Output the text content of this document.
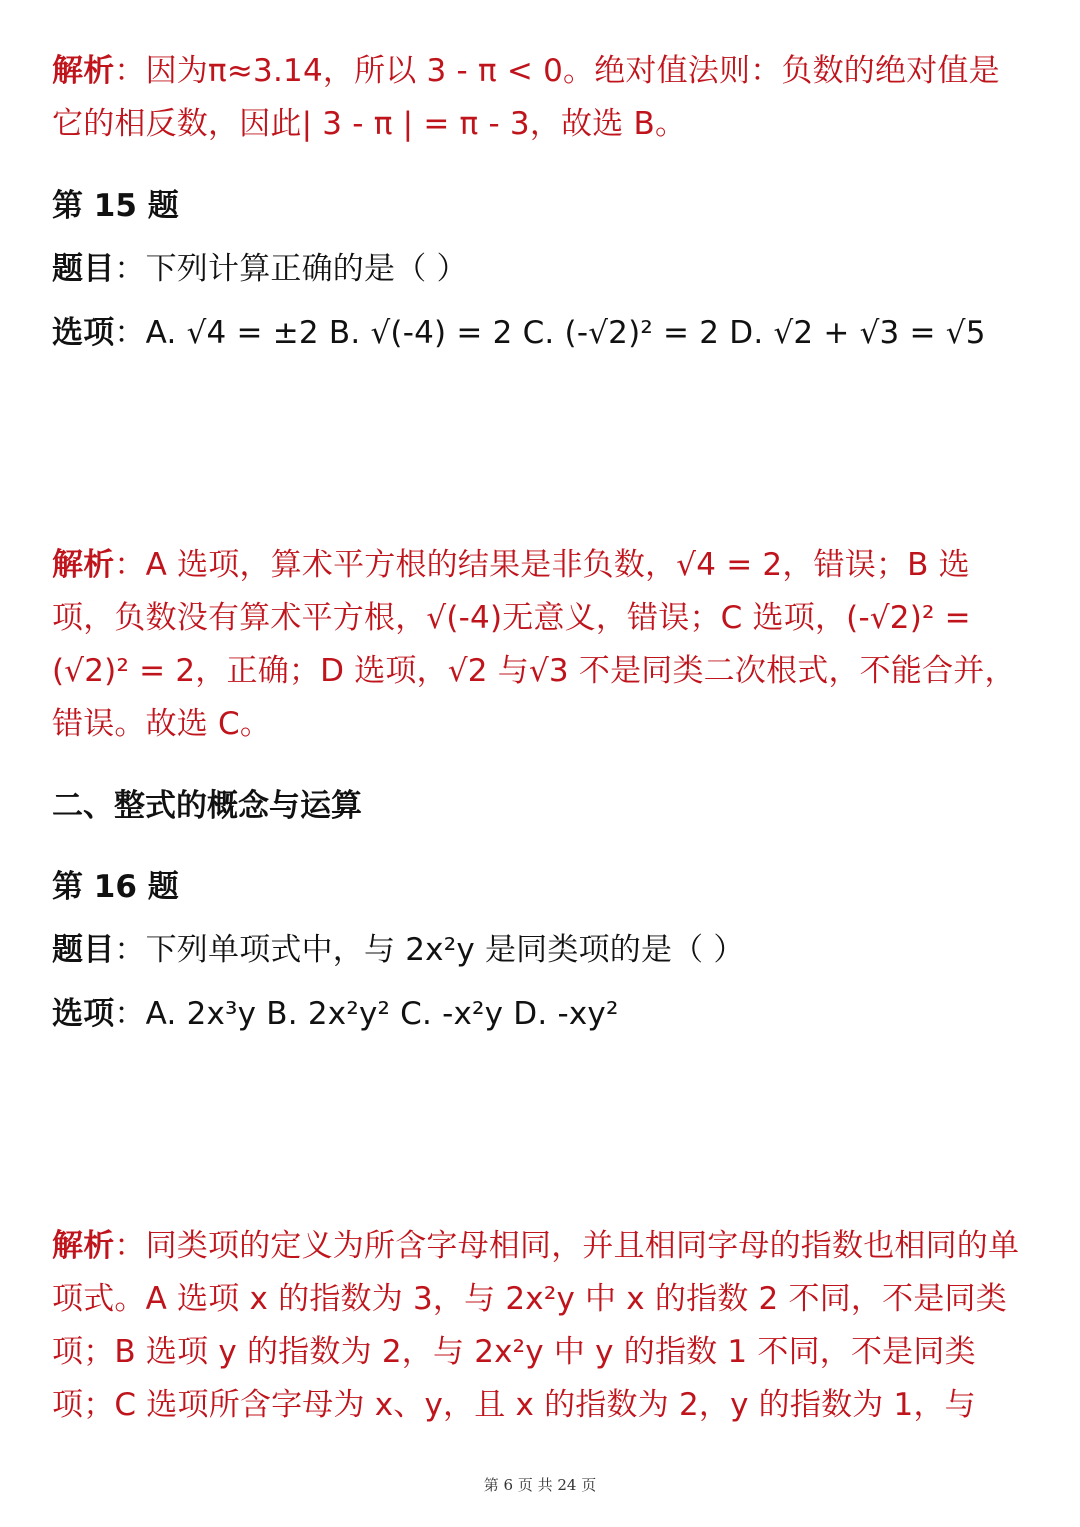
解析：因为π≈3.14，所以 3 - π < 0。绝对值法则：负数的绝对值是它的相反数，因此| 3 - π | = π - 3，故选 B。
第 15 题
题目：下列计算正确的是（ ）
选项：A. √4 = ±2 B. √(-4) = 2 C. (-√2)² = 2 D. √2 + √3 = √5
解析：A 选项，算术平方根的结果是非负数，√4 = 2，错误；B 选项，负数没有算术平方根，√(-4)无意义，错误；C 选项，(-√2)² = (√2)² = 2，正确；D 选项，√2 与√3 不是同类二次根式，不能合并，错误。故选 C。
二、整式的概念与运算
第 16 题
题目：下列单项式中，与 2x²y 是同类项的是（ ）
选项：A. 2x³y B. 2x²y² C. -x²y D. -xy²
解析：同类项的定义为所含字母相同，并且相同字母的指数也相同的单项式。A 选项 x 的指数为 3，与 2x²y 中 x 的指数 2 不同，不是同类项；B 选项 y 的指数为 2，与 2x²y 中 y 的指数 1 不同，不是同类项；C 选项所含字母为 x、y，且 x 的指数为 2，y 的指数为 1，与
第 6 页 共 24 页
